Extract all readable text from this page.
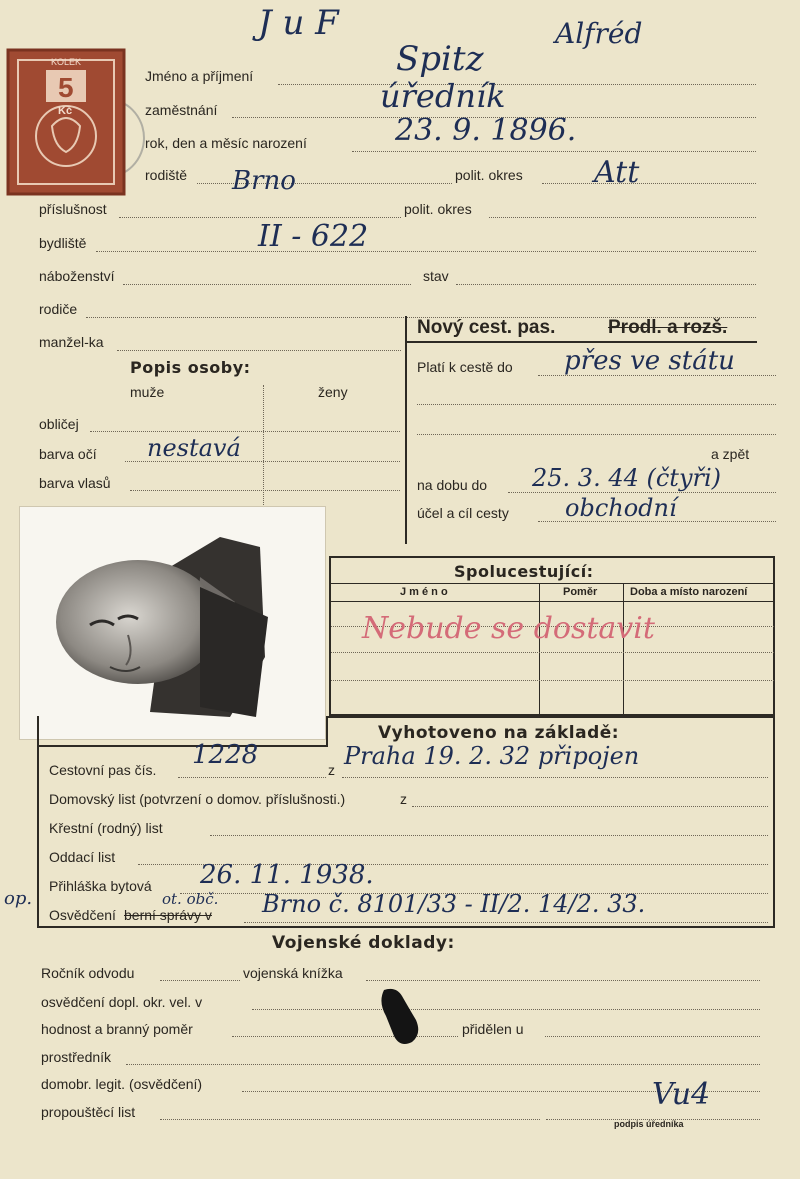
J u F
KOLEK
5
Kč
Jméno a příjmení	Spitz
Alfréd
zaměstnání	úředník
rok, den a měsíc narození	23. 9. 1896.
rodiště Brno	polit. okres Att
příslušnost	polit. okres
bydliště	II - 622
náboženství	stav
rodiče
manžel-ka
Popis osoby:
muže	ženy
obličej
barva očí nestavá
barva vlasů
Nový cest. pas.	Prodl. a rozš.
Platí k cestě do přes ve státu
a zpět
na dobu do 25. 3. 44 (čtyři)
účel a cíl cesty obchodní
Spolucestující:
J m é n o	Poměr	Doba a místo narození
Nebude se dostavit
Vyhotoveno na základě:
Cestovní pas čís. 1228	z Praha 19. 2. 32 připojen
Domovský list (potvrzení o domov. příslušnosti.)	z
Křestní (rodný) list
Oddací list
Přihláška bytová 26. 11. 1938.
Osvědčení berní správy v Brno č. 8101/33 - II/2. 14/2. 33.
op.	ot. obč.
Vojenské doklady:
Ročník odvodu	vojenská knížka
osvědčení dopl. okr. vel. v
hodnost a branný poměr	přidělen u
prostředník
domobr. legit. (osvědčení)
propouštěcí list	Vu4
podpis úředníka
